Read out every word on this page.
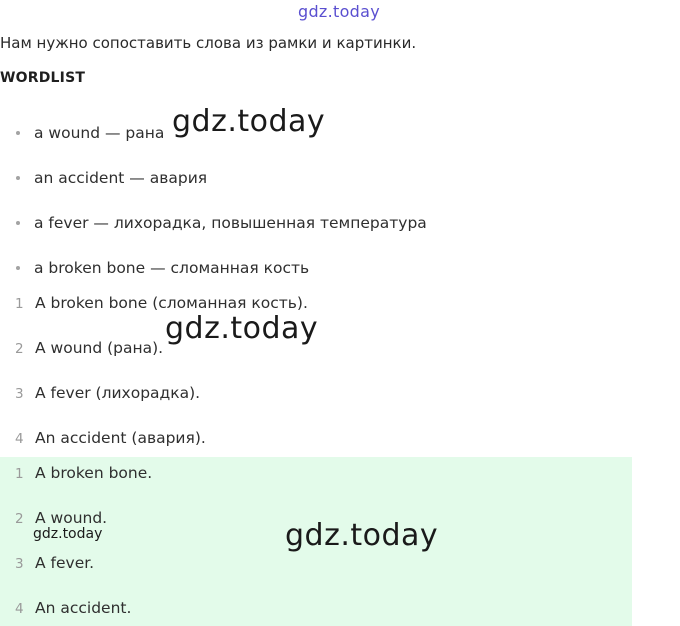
gdz.today
Нам нужно сопоставить слова из рамки и картинки.
WORDLIST
a wound — рана
an accident — авария
a fever — лихорадка, повышенная температура
a broken bone — сломанная кость
1 A broken bone (сломанная кость).
2 A wound (рана).
3 A fever (лихорадка).
4 An accident (авария).
1 A broken bone.
2 A wound.
3 A fever.
4 An accident.
gdz.today
gdz.today
gdz.today
gdz.today
